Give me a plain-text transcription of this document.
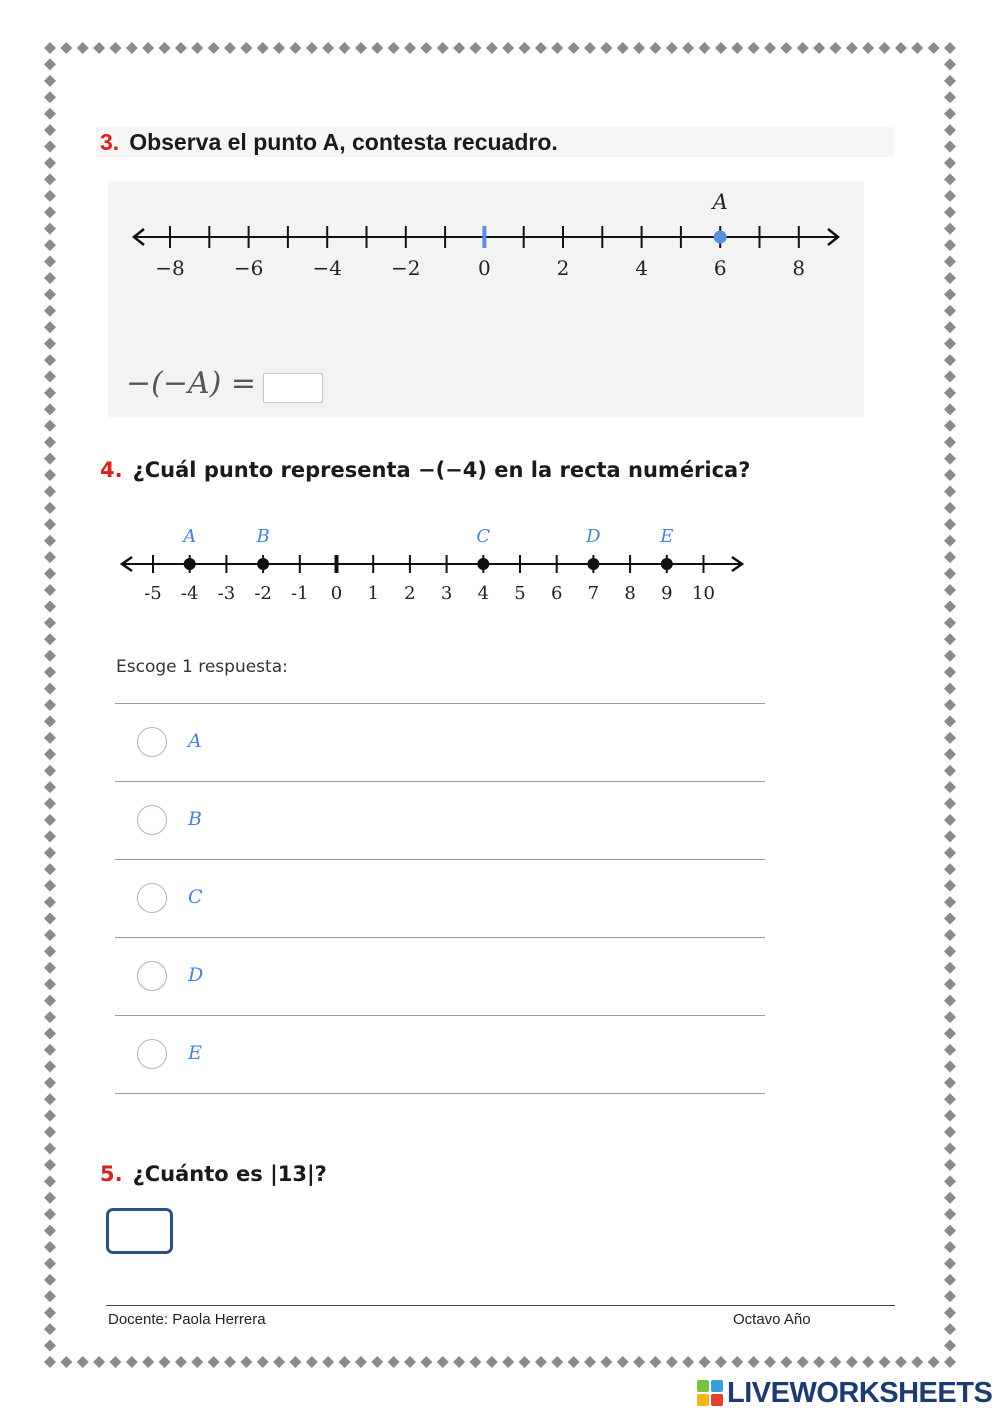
3. Observa el punto A, contesta recuadro.
−8 −6 −4 −2	0	2	4	6	8
A
−(−A) =
4. ¿Cuál punto representa −(−4) en la recta numérica?
-5 -4 -3 -2 -1 0 1 2 3 4 5 6 7 8 9 10
A	B	C	D	E
Escoge 1 respuesta:
A
B
C
D
E
5. ¿Cuánto es |13|?
Docente: Paola Herrera	Octavo Año
LIVEWORKSHEETS
